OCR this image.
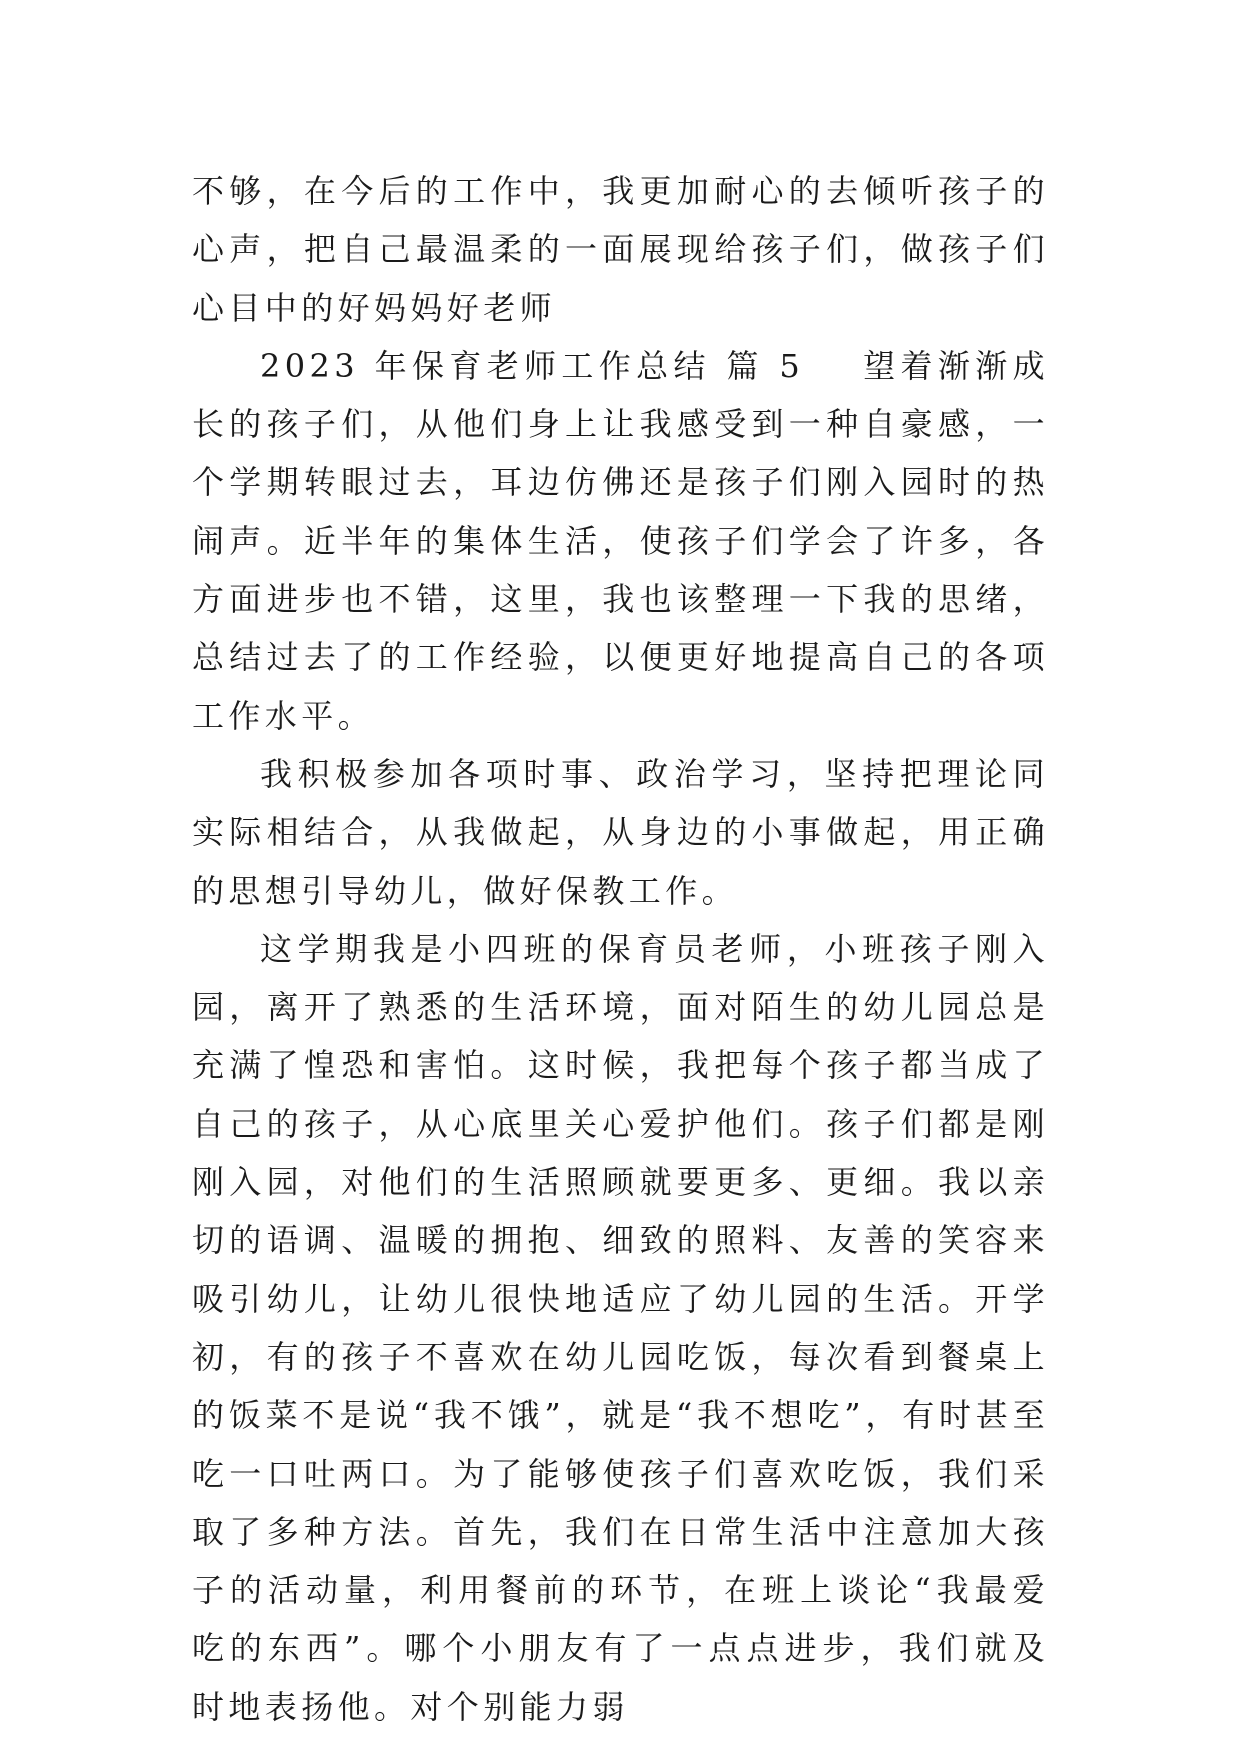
不够，在今后的工作中，我更加耐心的去倾听孩子的心声，把自己最温柔的一面展现给孩子们，做孩子们心目中的好妈妈好老师

2023 年保育老师工作总结 篇 5 望着渐渐成长的孩子们，从他们身上让我感受到一种自豪感，一个学期转眼过去，耳边仿佛还是孩子们刚入园时的热闹声。近半年的集体生活，使孩子们学会了许多，各方面进步也不错，这里，我也该整理一下我的思绪，总结过去了的工作经验，以便更好地提高自己的各项工作水平。

我积极参加各项时事、政治学习，坚持把理论同实际相结合，从我做起，从身边的小事做起，用正确的思想引导幼儿，做好保教工作。

这学期我是小四班的保育员老师，小班孩子刚入园，离开了熟悉的生活环境，面对陌生的幼儿园总是充满了惶恐和害怕。这时候，我把每个孩子都当成了自己的孩子，从心底里关心爱护他们。孩子们都是刚刚入园，对他们的生活照顾就要更多、更细。我以亲切的语调、温暖的拥抱、细致的照料、友善的笑容来吸引幼儿，让幼儿很快地适应了幼儿园的生活。开学初，有的孩子不喜欢在幼儿园吃饭，每次看到餐桌上的饭菜不是说“我不饿”，就是“我不想吃”，有时甚至吃一口吐两口。为了能够使孩子们喜欢吃饭，我们采取了多种方法。首先，我们在日常生活中注意加大孩子的活动量，利用餐前的环节，在班上谈论“我最爱吃的东西”。哪个小朋友有了一点点进步，我们就及时地表扬他。对个别能力弱
